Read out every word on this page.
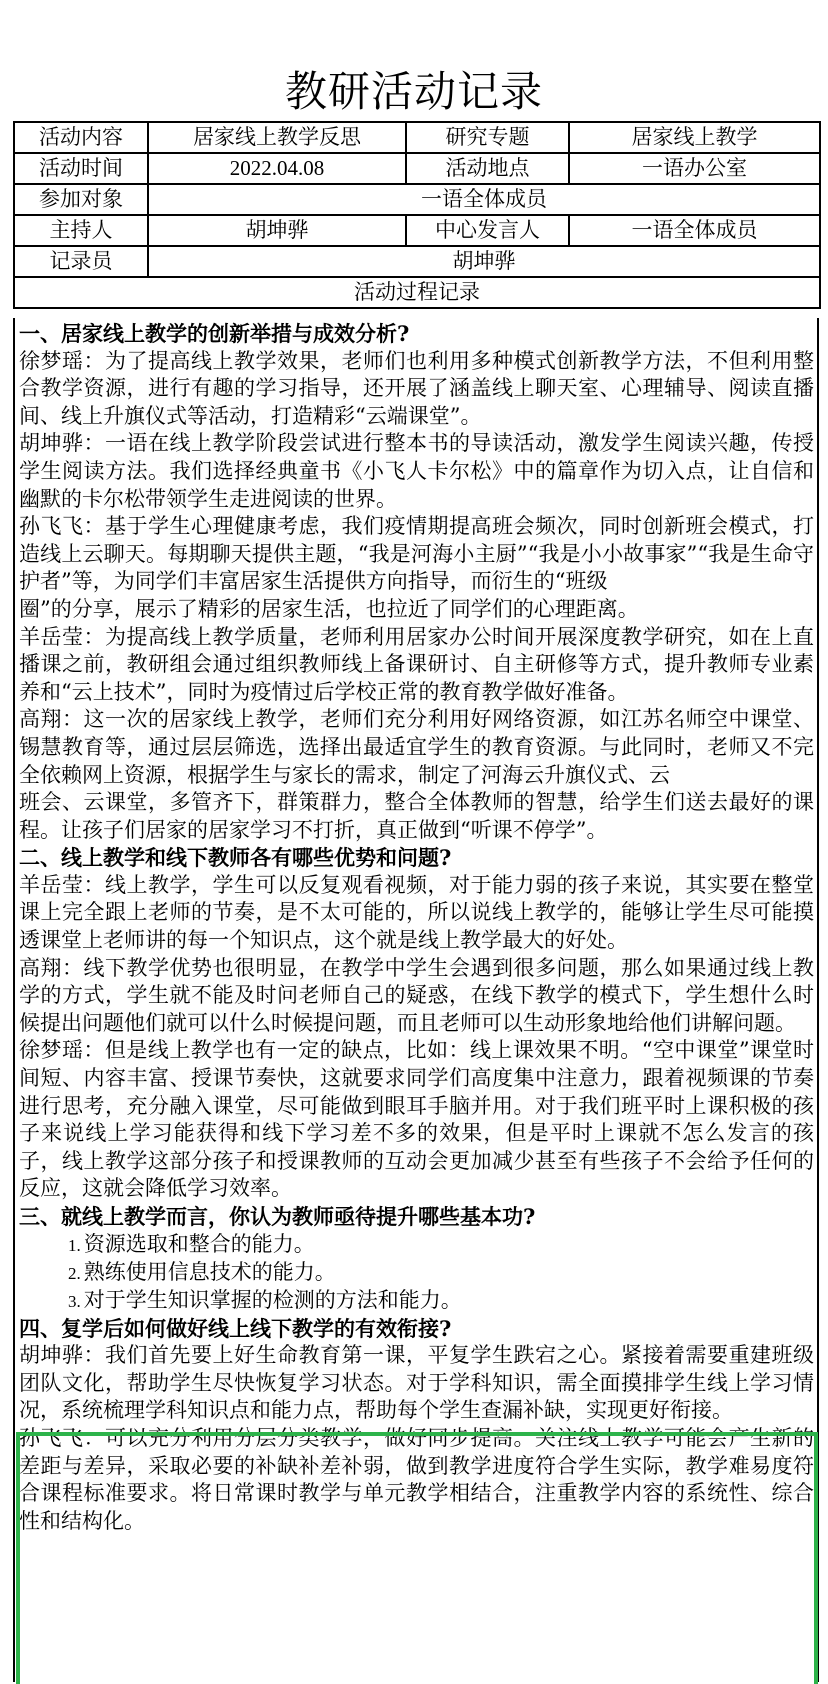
教研活动记录
活动内容	居家线上教学反思	研究专题	居家线上教学
活动时间	2022.04.08	活动地点	一语办公室
参加对象	一语全体成员		
主持人	胡坤骅	中心发言人	一语全体成员
记录员	胡坤骅		
活动过程记录			
一、居家线上教学的创新举措与成效分析?

徐梦瑶：为了提高线上教学效果，老师们也利用多种模式创新教学方法，不但利用整合教学资源，进行有趣的学习指导，还开展了涵盖线上聊天室、心理辅导、阅读直播间、线上升旗仪式等活动，打造精彩“云端课堂”。

胡坤骅：一语在线上教学阶段尝试进行整本书的导读活动，激发学生阅读兴趣，传授学生阅读方法。我们选择经典童书《小飞人卡尔松》中的篇章作为切入点，让自信和幽默的卡尔松带领学生走进阅读的世界。

孙飞飞：基于学生心理健康考虑，我们疫情期提高班会频次，同时创新班会模式，打造线上云聊天。每期聊天提供主题，“我是河海小主厨”“我是小小故事家”“我是生命守护者”等，为同学们丰富居家生活提供方向指导，而衍生的“班级

圈”的分享，展示了精彩的居家生活，也拉近了同学们的心理距离。

羊岳莹：为提高线上教学质量，老师利用居家办公时间开展深度教学研究，如在上直播课之前，教研组会通过组织教师线上备课研讨、自主研修等方式，提升教师专业素养和“云上技术”，同时为疫情过后学校正常的教育教学做好准备。

高翔：这一次的居家线上教学，老师们充分利用好网络资源，如江苏名师空中课堂、锡慧教育等，通过层层筛选，选择出最适宜学生的教育资源。与此同时，老师又不完全依赖网上资源，根据学生与家长的需求，制定了河海云升旗仪式、云

班会、云课堂，多管齐下，群策群力，整合全体教师的智慧，给学生们送去最好的课程。让孩子们居家的居家学习不打折，真正做到“听课不停学”。

二、线上教学和线下教师各有哪些优势和问题?

羊岳莹：线上教学，学生可以反复观看视频，对于能力弱的孩子来说，其实要在整堂课上完全跟上老师的节奏，是不太可能的，所以说线上教学的，能够让学生尽可能摸透课堂上老师讲的每一个知识点，这个就是线上教学最大的好处。

高翔：线下教学优势也很明显，在教学中学生会遇到很多问题，那么如果通过线上教学的方式，学生就不能及时问老师自己的疑惑，在线下教学的模式下，学生想什么时候提出问题他们就可以什么时候提问题，而且老师可以生动形象地给他们讲解问题。

徐梦瑶：但是线上教学也有一定的缺点，比如：线上课效果不明。“空中课堂”课堂时间短、内容丰富、授课节奏快，这就要求同学们高度集中注意力，跟着视频课的节奏进行思考，充分融入课堂，尽可能做到眼耳手脑并用。对于我们班平时上课积极的孩子来说线上学习能获得和线下学习差不多的效果，但是平时上课就不怎么发言的孩子，线上教学这部分孩子和授课教师的互动会更加减少甚至有些孩子不会给予任何的反应，这就会降低学习效率。

三、就线上教学而言，你认为教师亟待提升哪些基本功?
1. 资源选取和整合的能力。
2. 熟练使用信息技术的能力。
3. 对于学生知识掌握的检测的方法和能力。
四、复学后如何做好线上线下教学的有效衔接?

胡坤骅：我们首先要上好生命教育第一课，平复学生跌宕之心。紧接着需要重建班级团队文化，帮助学生尽快恢复学习状态。对于学科知识，需全面摸排学生线上学习情况，系统梳理学科知识点和能力点，帮助每个学生查漏补缺，实现更好衔接。

孙飞飞：可以充分利用分层分类教学，做好同步提高。关注线上教学可能会产生新的差距与差异，采取必要的补缺补差补弱，做到教学进度符合学生实际，教学难易度符合课程标准要求。将日常课时教学与单元教学相结合，注重教学内容的系统性、综合性和结构化。
